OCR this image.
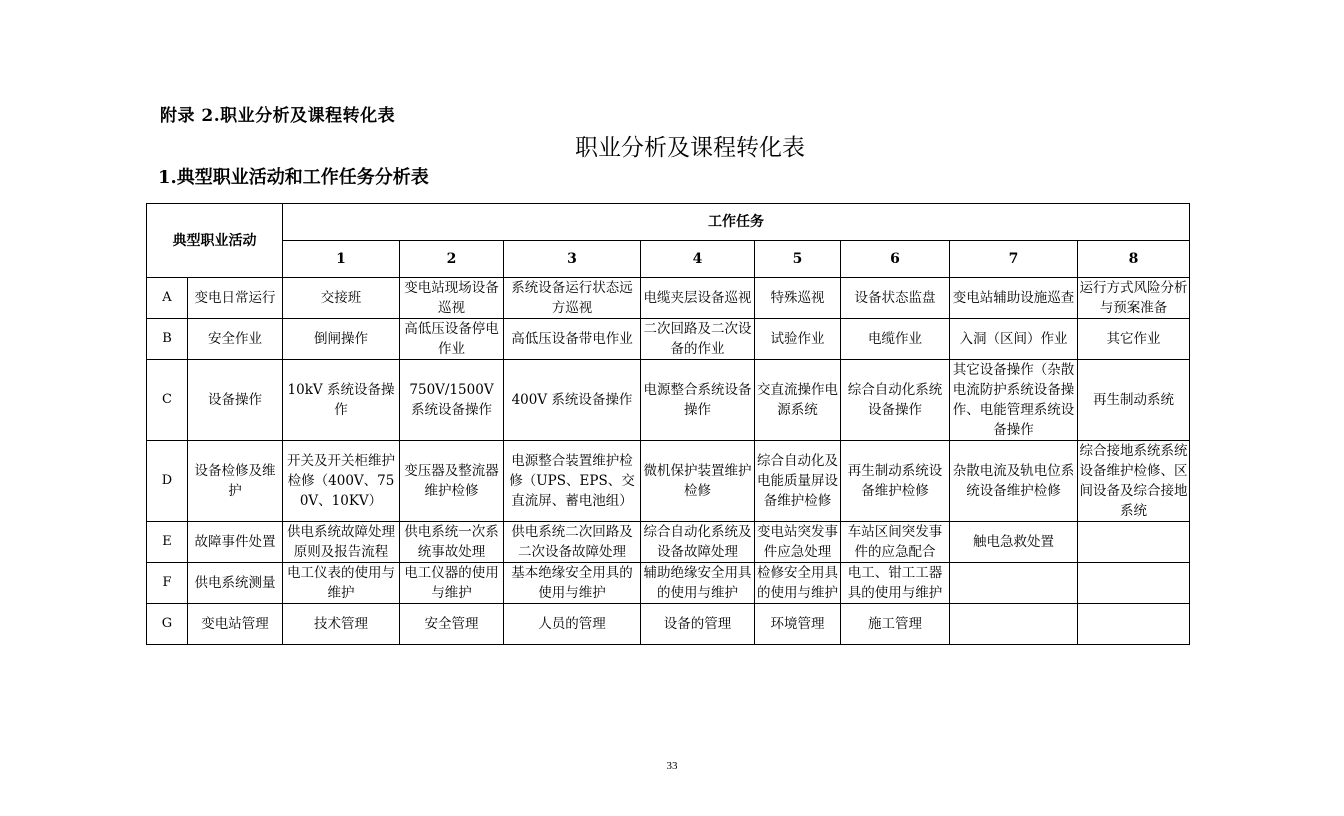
附录 2.职业分析及课程转化表
职业分析及课程转化表
1.典型职业活动和工作任务分析表
典型职业活动		工作任务							
		1	2	3	4	5	6	7	8
A	变电日常运行	交接班	变电站现场设备巡视	系统设备运行状态远方巡视	电缆夹层设备巡视	特殊巡视	设备状态监盘	变电站辅助设施巡查	运行方式风险分析与预案准备
B	安全作业	倒闸操作	高低压设备停电作业	高低压设备带电作业	二次回路及二次设备的作业	试验作业	电缆作业	入洞（区间）作业	其它作业
C	设备操作	10kV 系统设备操作	750V/1500V 系统设备操作	400V 系统设备操作	电源整合系统设备操作	交直流操作电源系统	综合自动化系统设备操作	其它设备操作（杂散电流防护系统设备操作、电能管理系统设备操作	再生制动系统
D	设备检修及维护	开关及开关柜维护检修（400V、750V、10KV）	变压器及整流器维护检修	电源整合装置维护检修（UPS、EPS、交直流屏、蓄电池组）	微机保护装置维护检修	综合自动化及电能质量屏设备维护检修	再生制动系统设备维护检修	杂散电流及轨电位系统设备维护检修	综合接地系统系统设备维护检修、区间设备及综合接地系统
E	故障事件处置	供电系统故障处理原则及报告流程	供电系统一次系统事故处理	供电系统二次回路及二次设备故障处理	综合自动化系统及设备故障处理	变电站突发事件应急处理	车站区间突发事件的应急配合	触电急救处置	
F	供电系统测量	电工仪表的使用与维护	电工仪器的使用与维护	基本绝缘安全用具的使用与维护	辅助绝缘安全用具的使用与维护	检修安全用具的使用与维护	电工、钳工工器具的使用与维护		
G	变电站管理	技术管理	安全管理	人员的管理	设备的管理	环境管理	施工管理		
33
